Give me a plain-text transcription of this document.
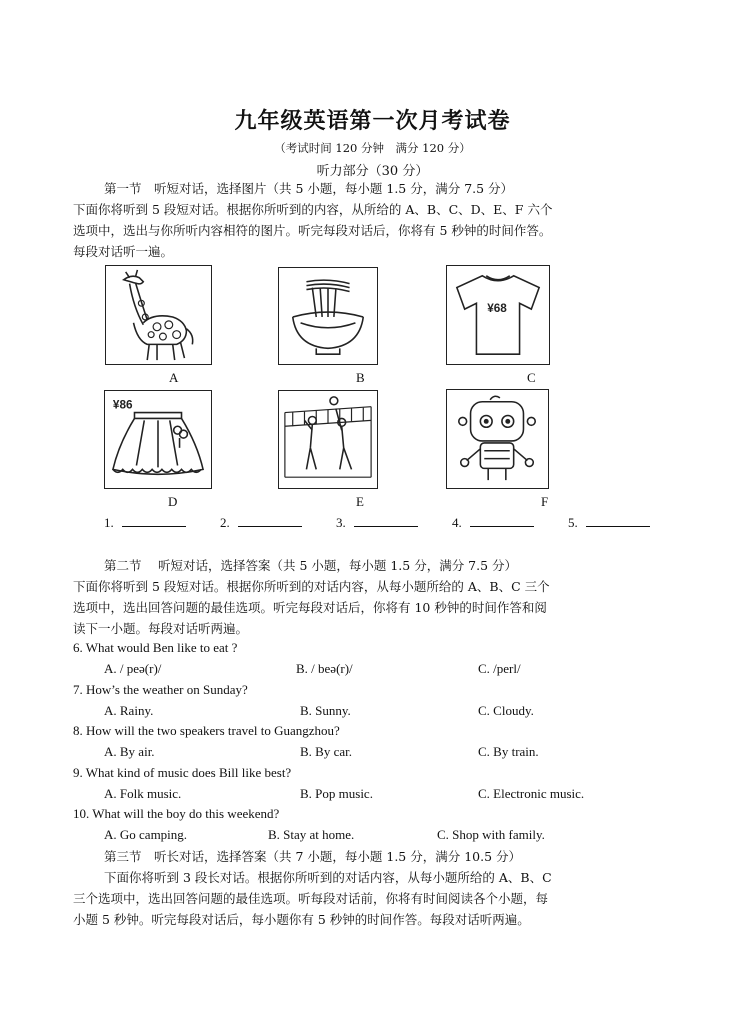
九年级英语第一次月考试卷
（考试时间 120 分钟　满分 120 分）
听力部分（30 分）
第一节　听短对话，选择图片（共 5 小题，每小题 1.5 分，满分 7.5 分）
下面你将听到 5 段短对话。根据你所听到的内容，从所给的 A、B、C、D、E、F 六个
选项中，选出与你所听内容相符的图片。听完每段对话后，你将有 5 秒钟的时间作答。
每段对话听一遍。
A	B
¥68
C
¥86
D	E	F
1.	2.	3.	4.	5.
第二节　 听短对话，选择答案（共 5 小题，每小题 1.5 分，满分 7.5 分）
下面你将听到 5 段短对话。根据你所听到的对话内容，从每小题所给的 A、B、C 三个
选项中，选出回答问题的最佳选项。听完每段对话后，你将有 10 秒钟的时间作答和阅
读下一小题。每段对话听两遍。
6. What would Ben like to eat ?
A. / peə(r)/	B. / beə(r)/	C. /perl/
7. How’s the weather on Sunday?
A. Rainy.	B. Sunny.	C. Cloudy.
8. How will the two speakers travel to Guangzhou?
A. By air.	B. By car.	C. By train.
9. What kind of music does Bill like best?
A. Folk music.	B. Pop music.	C. Electronic music.
10. What will the boy do this weekend?
A. Go camping.	B. Stay at home.	C. Shop with family.
第三节　听长对话，选择答案（共 7 小题，每小题 1.5 分，满分 10.5 分）
下面你将听到 3 段长对话。根据你所听到的对话内容，从每小题所给的 A、B、C
三个选项中，选出回答问题的最佳选项。听每段对话前，你将有时间阅读各个小题，每
小题 5 秒钟。听完每段对话后，每小题你有 5 秒钟的时间作答。每段对话听两遍。
